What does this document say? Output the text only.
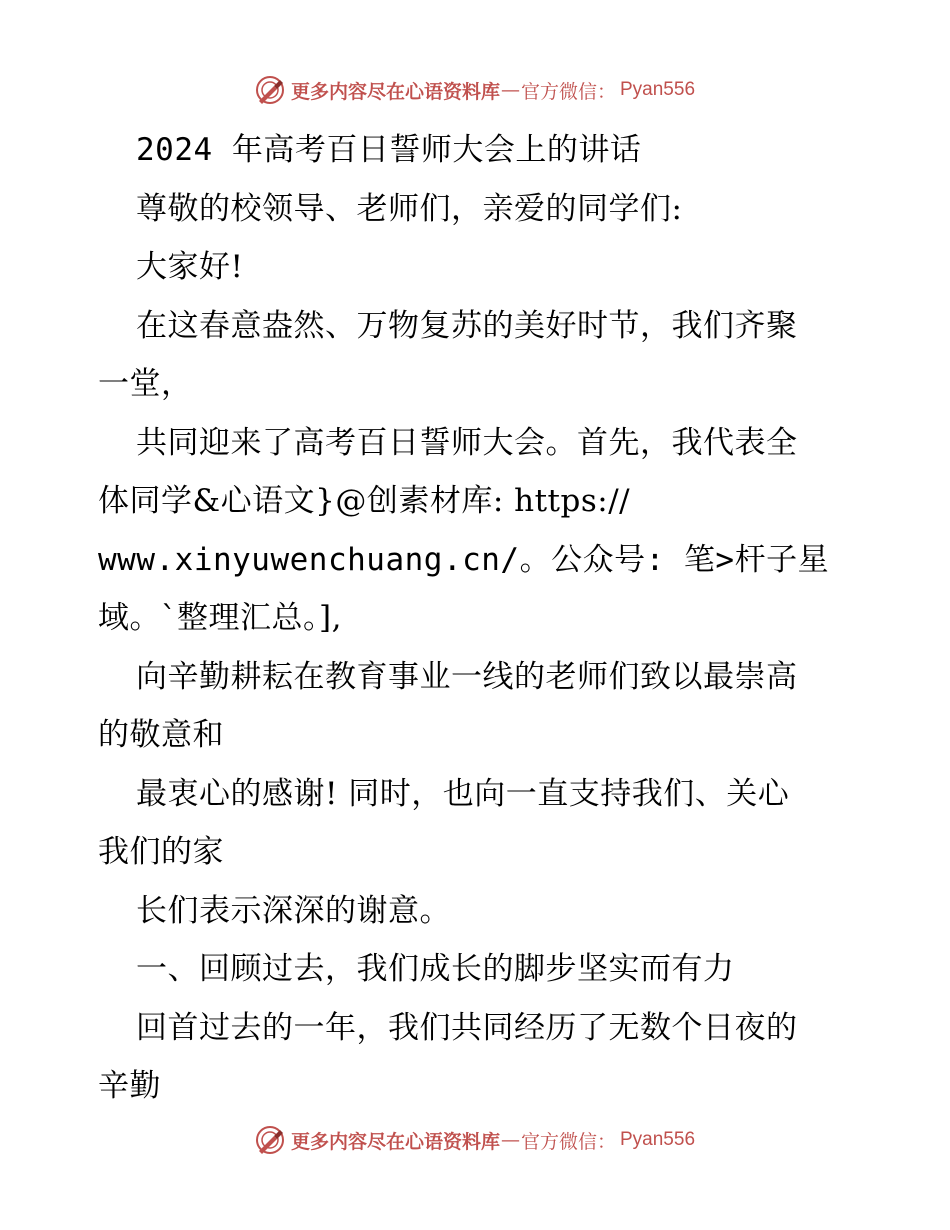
更多内容尽在心语资料库 — 官方微信： Pyan556
2024 年高考百日誓师大会上的讲话
尊敬的校领导、老师们，亲爱的同学们:
大家好!
在这春意盎然、万物复苏的美好时节，我们齐聚
一堂，
共同迎来了高考百日誓师大会。首先，我代表全
体同学&心语文}@创素材库: https://
www.xinyuwenchuang.cn/。公众号: 笔>杆子星
域。`整理汇总。],
向辛勤耕耘在教育事业一线的老师们致以最崇高
的敬意和
最衷心的感谢! 同时，也向一直支持我们、关心
我们的家
长们表示深深的谢意。
一、回顾过去，我们成长的脚步坚实而有力
回首过去的一年，我们共同经历了无数个日夜的
辛勤
更多内容尽在心语资料库 — 官方微信： Pyan556
